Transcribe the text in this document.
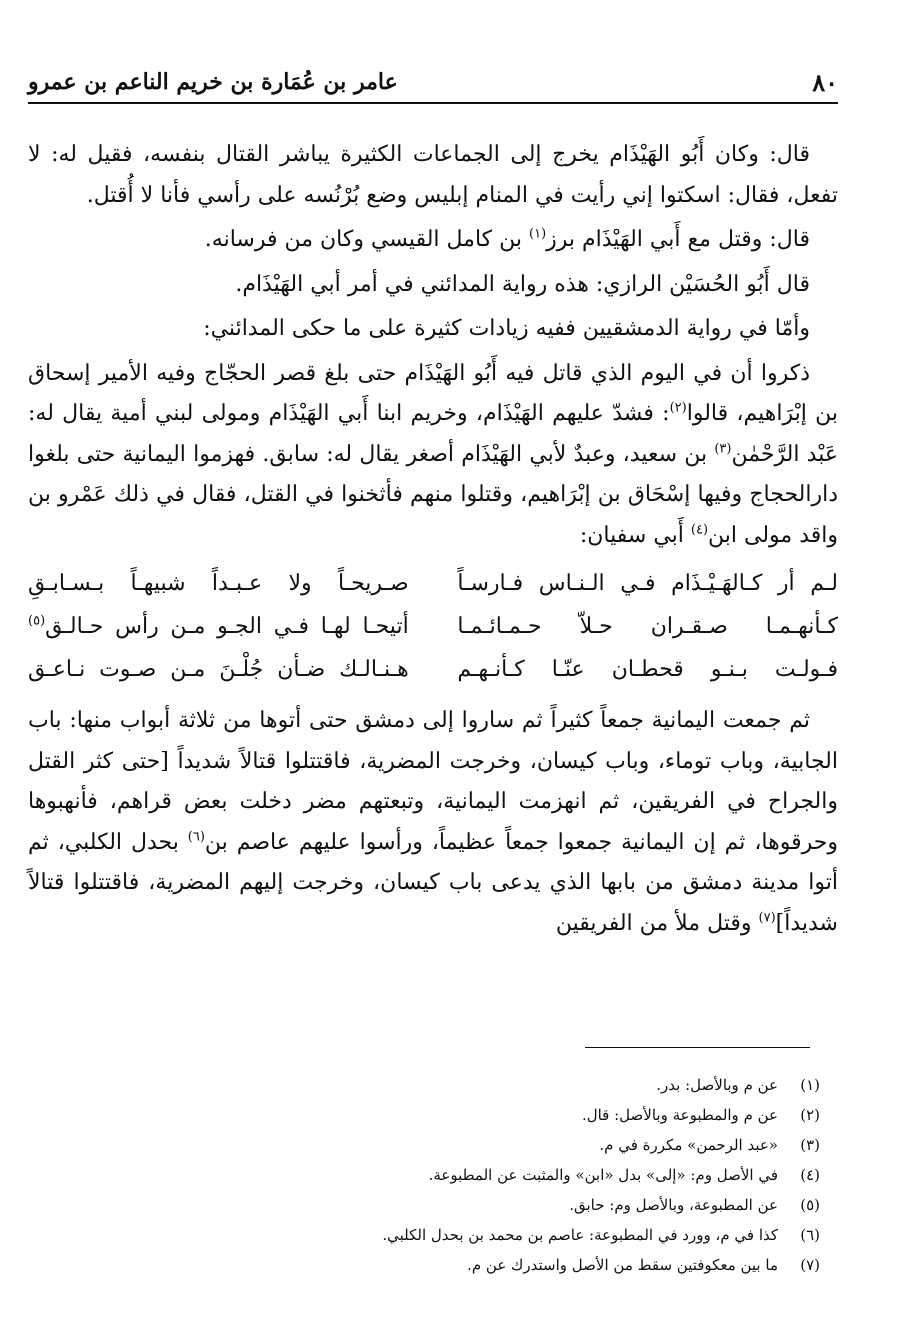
٨٠
عامر بن عُمَارة بن خريم الناعم بن عمرو

قال: وكان أَبُو الهَيْذَام يخرج إلى الجماعات الكثيرة يباشر القتال بنفسه، فقيل له: لا تفعل، فقال: اسكتوا إني رأيت في المنام إبليس وضع بُرْنُسه على رأسي فأنا لا أُقتل.

قال: وقتل مع أَبي الهَيْذَام برز$^{(١)}$ بن كامل القيسي وكان من فرسانه.

قال أَبُو الحُسَيْن الرازي: هذه رواية المدائني في أمر أبي الهَيْذَام.

وأمّا في رواية الدمشقيين ففيه زيادات كثيرة على ما حكى المدائني:

ذكروا أن في اليوم الذي قاتل فيه أَبُو الهَيْذَام حتى بلغ قصر الحجّاج وفيه الأمير إسحاق بن إبْرَاهيم، قالوا$^{(٢)}$: فشدّ عليهم الهَيْذَام، وخريم ابنا أَبي الهَيْذَام ومولى لبني أمية يقال له: عَبْد الرَّحْمٰن$^{(٣)}$ بن سعيد، وعبدٌ لأبي الهَيْذَام أصغر يقال له: سابق. فهزموا اليمانية حتى بلغوا دارالحجاج وفيها إسْحَاق بن إبْرَاهيم، وقتلوا منهم فأثخنوا في القتل، فقال في ذلك عَمْرو بن واقد مولى ابن$^{(٤)}$ أَبي سفيان:

لـم أر كـالهَـيْـذَام فـي الـنـاس فـارسـاً
صـريحـاً ولا عـبـداً شبيهـاً بـسـابـقِ
كـأنهـمـا صـقـران حـلاّ حـمـائـمـا
أتيحـا لهـا فـي الجـو مـن رأس حـالـق$^{(٥)}$
فـولـت بـنـو قحطـان عنّـا كـأنـهـم
هـنـالـك ضـأن جُلْـنَ مـن صـوت نـاعـق

ثم جمعت اليمانية جمعاً كثيراً ثم ساروا إلى دمشق حتى أتوها من ثلاثة أبواب منها: باب الجابية، وباب توماء، وباب كيسان، وخرجت المضرية، فاقتتلوا قتالاً شديداً [حتى كثر القتل والجراح في الفريقين، ثم انهزمت اليمانية، وتبعتهم مضر دخلت بعض قراهم، فأنهبوها وحرقوها، ثم إن اليمانية جمعوا جمعاً عظيماً، ورأسوا عليهم عاصم بن$^{(٦)}$ بحدل الكلبي، ثم أتوا مدينة دمشق من بابها الذي يدعى باب كيسان، وخرجت إليهم المضرية، فاقتتلوا قتالاً شديداً]$^{(٧)}$ وقتل ملأ من الفريقين

(١)
عن م وبالأصل: بدر.
(٢)
عن م والمطبوعة وبالأصل: قال.
(٣)
«عبد الرحمن» مكررة في م.
(٤)
في الأصل وم: «إلى» بدل «ابن» والمثبت عن المطبوعة.
(٥)
عن المطبوعة، وبالأصل وم: حابق.
(٦)
كذا في م، وورد في المطبوعة: عاصم بن محمد بن بحدل الكلبي.
(٧)
ما بين معكوفتين سقط من الأصل واستدرك عن م.
